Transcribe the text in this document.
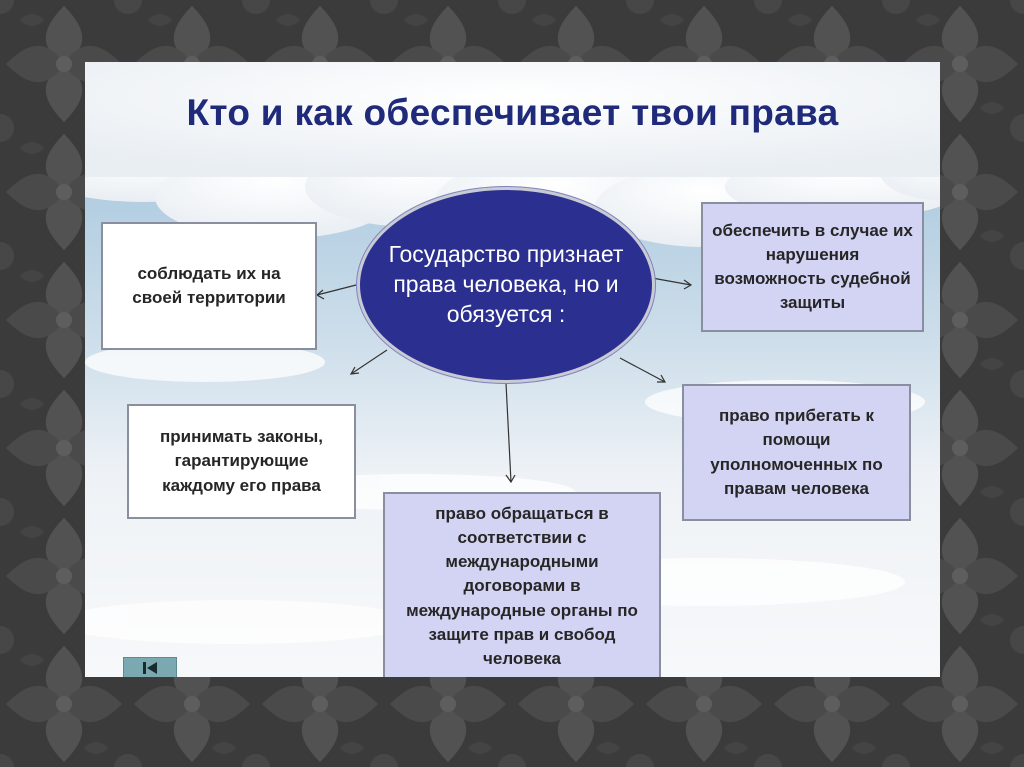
Кто и как обеспечивает твои права
Государство признает права человека, но и обязуется :
соблюдать их на своей территории
принимать законы, гарантирующие каждому его права
право обращаться в соответствии с международными договорами в международные органы по защите прав и свобод человека
обеспечить в случае их нарушения возможность судебной защиты
право прибегать к помощи уполномоченных по правам человека
